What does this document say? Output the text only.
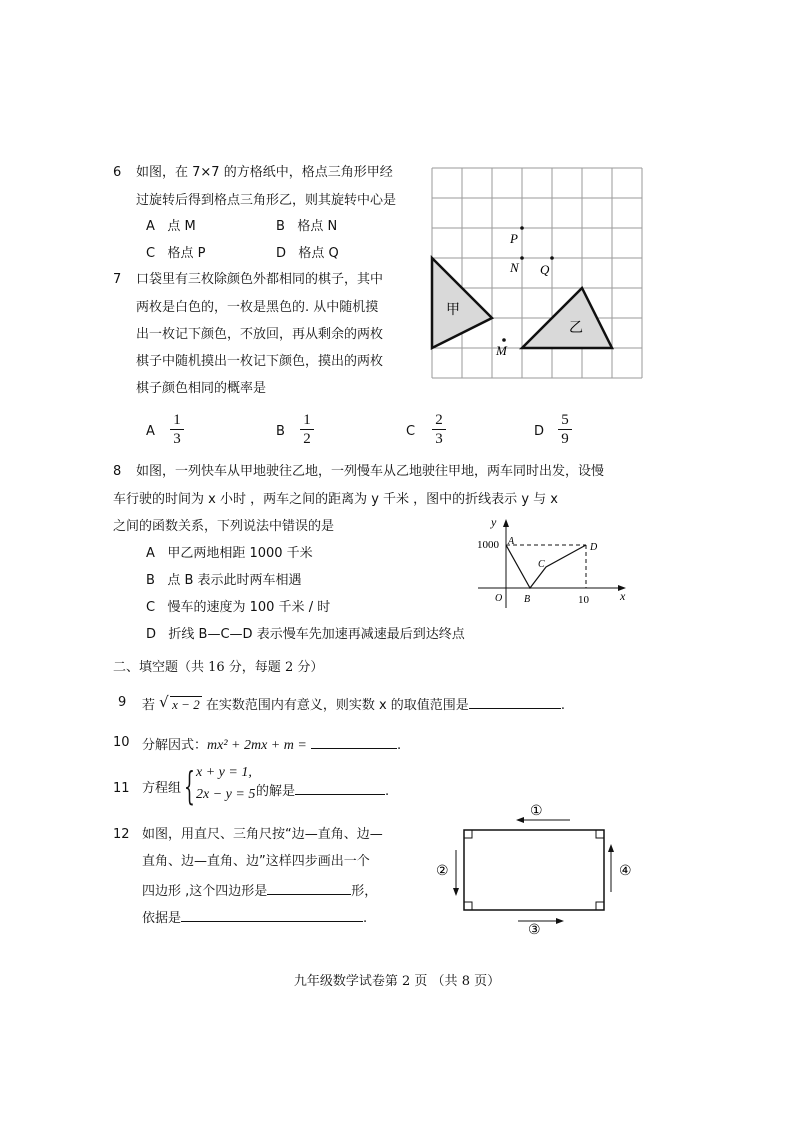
6 如图，在 7×7 的方格纸中，格点三角形甲经
过旋转后得到格点三角形乙，则其旋转中心是
A 点 M	B 格点 N
C 格点 P	D 格点 Q
甲
乙
P
N Q
M
7 口袋里有三枚除颜色外都相同的棋子，其中
两枚是白色的，一枚是黑色的. 从中随机摸
出一枚记下颜色，不放回，再从剩余的两枚
棋子中随机摸出一枚记下颜色，摸出的两枚
棋子颜色相同的概率是
A
1
3	B
1
2	C
2
3	D
5
9
8 如图，一列快车从甲地驶往乙地，一列慢车从乙地驶往甲地，两车同时出发，设慢
车行驶的时间为 x 小时 ，两车之间的距离为 y 千米 ，图中的折线表示 y 与 x
之间的函数关系，下列说法中错误的是
A 甲乙两地相距 1000 千米
B 点 B 表示此时两车相遇
C 慢车的速度为 100 千米 / 时
D 折线 B—C—D 表示慢车先加速再减速最后到达终点
y
x
1000
10
O
A
B
C
D
二、填空题（共 16 分，每题 2 分）
9 若 √ x − 2 在实数范围内有意义，则实数 x 的取值范围是	.
10 分解因式：mx² + 2mx + m =	.
11 方程组 { x + y = 1,
2x − y = 5 的解是	.
12 如图，用直尺、三角尺按“边—直角、边—
直角、边—直角、边”这样四步画出一个
四边形 ,这个四边形是	形，
依据是	.
①
②
③
④
九年级数学试卷第 2 页 （共 8 页）
